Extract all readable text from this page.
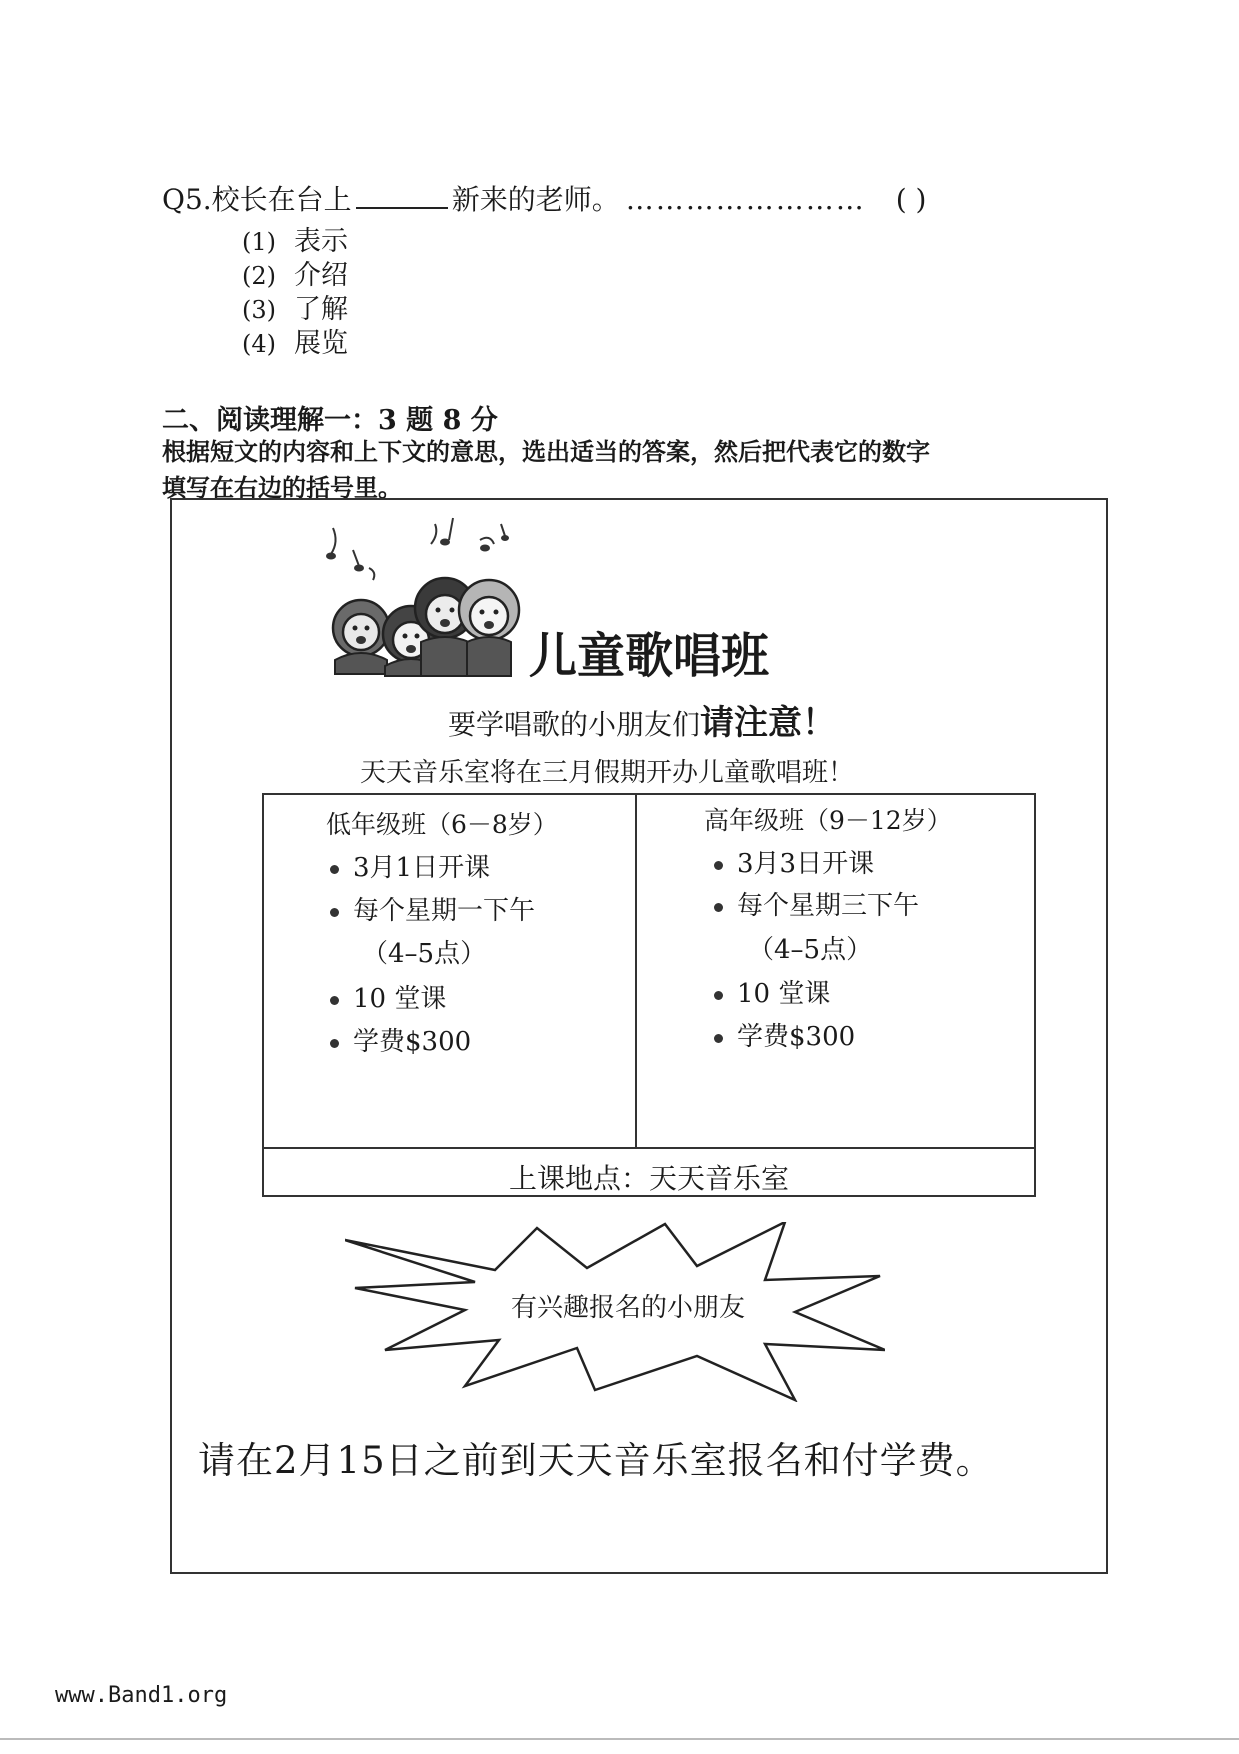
Q5.校长在台上	新来的老师。 …………………… ( )
(1) 表示
(2) 介绍
(3) 了解
(4) 展览
二、阅读理解一：3 题 8 分
根据短文的内容和上下文的意思，选出适当的答案，然后把代表它的数字
填写在右边的括号里。
儿童歌唱班
要学唱歌的小朋友们请注意！
天天音乐室将在三月假期开办儿童歌唱班！
低年级班（6－8岁）
3月1日开课
每个星期一下午
（4–5点）
10 堂课
学费$300
高年级班（9－12岁）
3月3日开课
每个星期三下午
（4–5点）
10 堂课
学费$300
上课地点：天天音乐室
有兴趣报名的小朋友
请在2月15日之前到天天音乐室报名和付学费。
www.Band1.org
